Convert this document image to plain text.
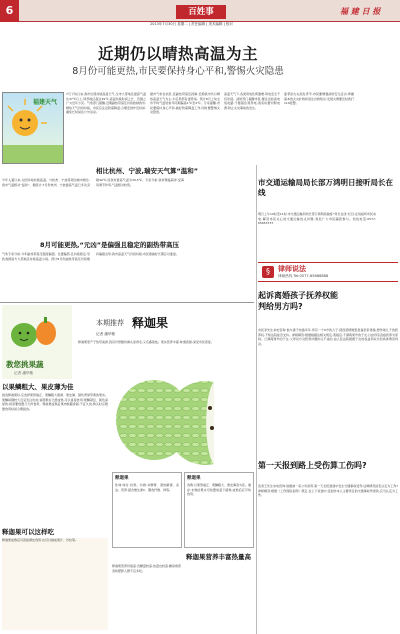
6	百姓事	福 建 日 报
2013年7月30日 星期二 | 责任编辑 | 美术编辑 | 校对
近期仍以晴热高温为主
8月份可能更热,市民要保持身心平和,警惕火灾隐患
福建天气
7月下旬以来,我市出现持续高温天气,全市大部地区最高气温达37℃以上,局部地区超过39℃,高温持续时间之长、范围之广为近年少见。气象部门提醒,近期副热带高压仍将控制我市,晴热天气仍将持续。市民应注意防暑降温,合理安排作息时间,避免长时间在户外活动。
据市气象台消息,受副热带高压控制,近期我市仍以晴热高温天气为主,午后局部有雷阵雨。预计8月上旬全市平均气温较常年同期偏高1℃至2℃。专家提醒,市民要保持身心平和,做好防暑降温工作,同时要警惕火灾隐患。
高温天气下,各类用电负荷激增,用电安全不容忽视。消防部门提醒市民,要注意检查电线电路,不要超负荷用电,离家时要切断电源,防止火灾事故的发生。
夏季是火灾高发季节,市民要增强消防安全意识,掌握基本的火灾扑救和逃生自救知识,发现火情要及时拨打119报警。
相比杭州、宁波,瑞安天气算“温和”
今年入夏以来,全国多地持续高温。与杭州、宁波等周边城市相比,我市气温相对“温和”。据统计,7月份杭州、宁波最高气温已多次突破40℃,而我市最高气温为39.5℃。专家分析,我市濒临海洋,受海风调节作用,气温相对较低。
8月可能更热,“元凶”是偏强且稳定的副热带高压
气象专家分析,今年副热带高压强度偏强、位置偏西,且持续稳定,导致我国南方大部地区持续高温少雨。预计8月份副热带高压仍将维持偏强态势,我市高温天气仍将持续,市民须做好长期应对准备。
市交通运输局局长部万鸿明日接听局长在线
明日上午10时至11时,市交通运输局局长部万鸿明将做客“局长在线”栏目,在线接听市民来电,解答市民关心的交通运输热点问题,欢迎广大市民踊跃参与。热线电话:0577-65653737
§	律师说法
律师热线 Tel:0577-65688888
起诉离婚孩子抚养权能判给男方吗?
市民李先生来电咨询:他与妻子结婚多年,育有一个6岁的儿子,现因感情破裂准备起诉离婚,想争取儿子的抚养权,不知法院能否支持。律师解答:根据婚姻法相关规定,离婚后,不满两周岁的子女,以由母亲直接抚养为原则。已满两周岁的子女,父母双方对抚养问题协议不成的,由人民法院根据子女的权益和双方的具体情况判决。
第一天报到路上受伤算工伤吗?
读者王先生来电咨询:他刚被一家公司录用,第一天去报到途中发生交通事故受伤,这种情况能否认定为工伤?律师解答:根据《工伤保险条例》规定,在上下班途中,受到非本人主要责任的交通事故伤害的,应当认定为工伤。
本期推荐 释迦果
记者 潘华敏
释迦果原产于热带美洲,因其外形酷似佛头而得名,又名番荔枝。果实营养丰富,味道香甜,深受市民喜爱。
教您挑果蔬
记者 潘华敏
以果鳞粗大、果皮薄为佳
挑选释迦果时,应选择果形端正、果鳞粗大饱满、果皮薄、颜色青绿带黄的果实。果鳞间隙较大且呈乳白色的,说明果实已经成熟,可以直接食用;果鳞紧密、颜色深绿的,则需要放置几天再食用。释迦果成熟后果肉软糯香甜,不宜久放,购买时应根据食用时间合理挑选。
释迦果可以这样吃
释迦果成熟后可直接剥皮食用,也可以做成果汁、沙拉等。
释迦果
性味:味甘,性寒。功效:补脾胃、清热解毒、杀虫。营养:富含维生素C、膳食纤维、钾等。
释迦果
选购:以果形端正、果鳞粗大、果皮薄者为佳。储存:未熟的果实可放置常温下催熟,成熟后应尽快食用。
释迦果营养丰富热量高
释迦果营养价值高,含糖量较高,热量也较高,糖尿病患者和肥胖人群不宜多吃。
